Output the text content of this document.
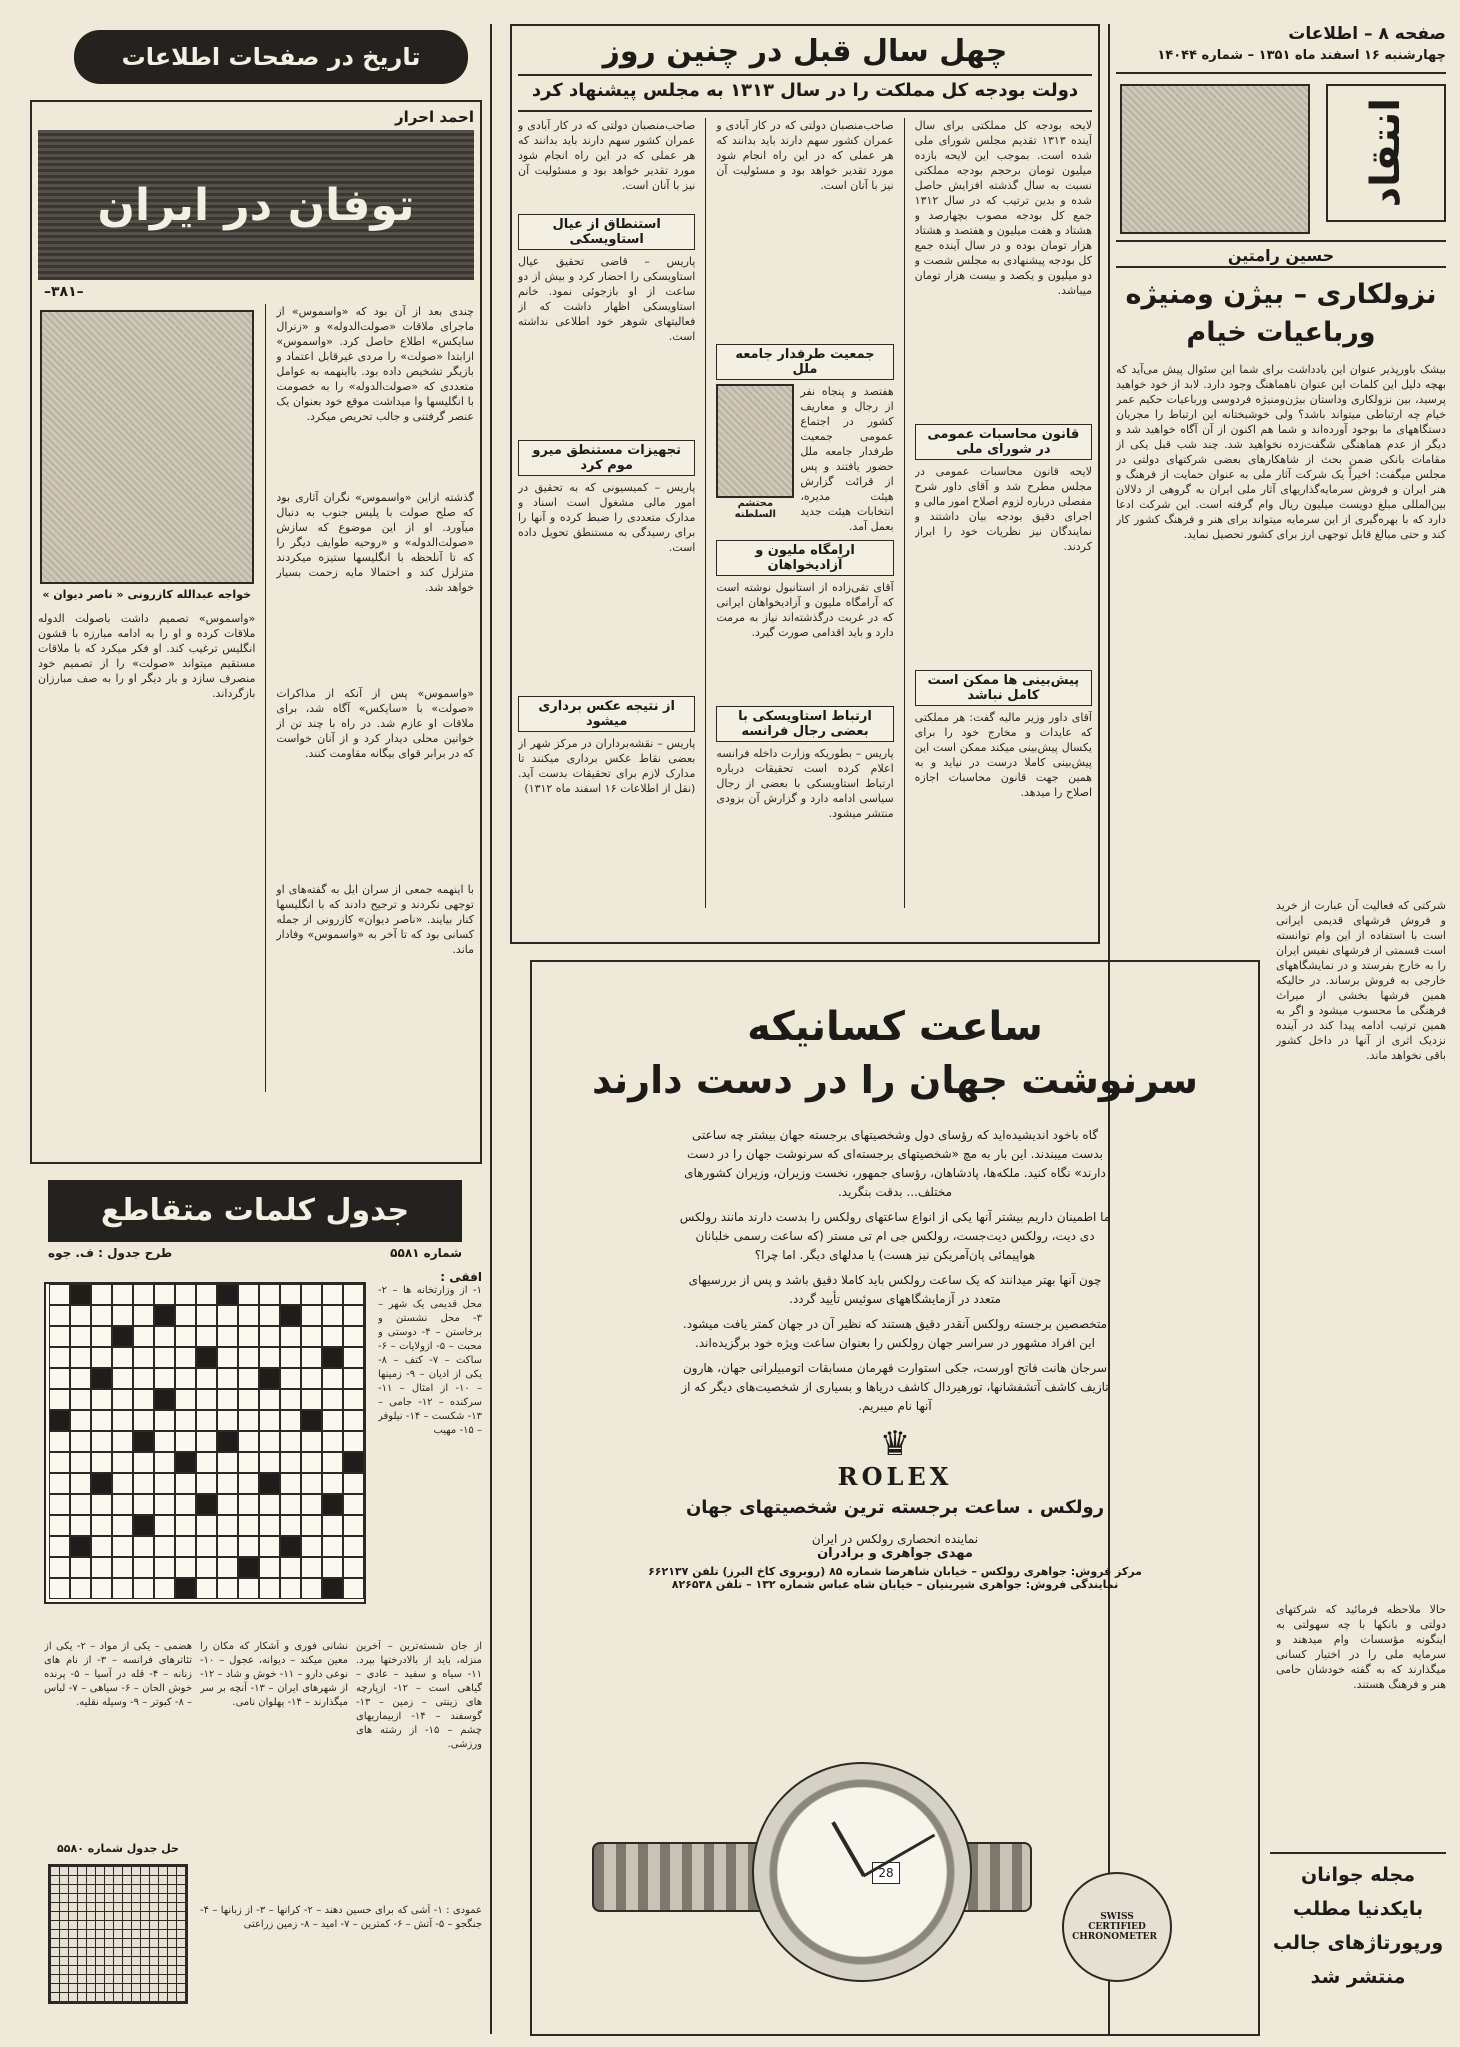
صفحه ۸ – اطلاعات
چهارشنبه ۱۶ اسفند ماه ۱۳۵۱ – شماره ۱۴۰۴۴
انتقاد
حسین رامتین
نزولکاری – بیژن ومنیژه ورباعیات خیام
بیشک باورپذیر عنوان این یادداشت برای شما این سئوال پیش می‌آید که بهچه دلیل این کلمات این عنوان ناهماهنگ وجود دارد. لابد از خود خواهید پرسید، بین نزولکاری وداستان بیژن‌ومنیژه فردوسی ورباعیات حکیم عمر خیام چه ارتباطی میتواند باشد؟ ولی خوشبختانه این ارتباط را مجریان دستگاههای ما بوجود آورده‌اند و شما هم اکنون از آن آگاه خواهید شد و دیگر از عدم هماهنگی شگفت‌زده نخواهید شد. چند شب قبل یکی از مقامات بانکی ضمن بحث از شاهکارهای بعضی شرکتهای دولتی در مجلس میگفت: اخیراً یک شرکت آثار ملی به عنوان حمایت از فرهنگ و هنر ایران و فروش سرمایه‌گذاریهای آثار ملی ایران به گروهی از دلالان بین‌المللی مبلغ دویست میلیون ریال وام گرفته است. این شرکت ادعا دارد که با بهره‌گیری از این سرمایه میتواند برای هنر و فرهنگ کشور کار کند و حتی مبالغ قابل توجهی ارز برای کشور تحصیل نماید.
شرکتی که فعالیت آن عبارت از خرید و فروش فرشهای قدیمی ایرانی است با استفاده از این وام توانسته است قسمتی از فرشهای نفیس ایران را به خارج بفرستد و در نمایشگاههای خارجی به فروش برساند. در حالیکه همین فرشها بخشی از میراث فرهنگی ما محسوب میشود و اگر به همین ترتیب ادامه پیدا کند در آینده نزدیک اثری از آنها در داخل کشور باقی نخواهد ماند.
حالا ملاحظه فرمائید که شرکتهای دولتی و بانکها با چه سهولتی به اینگونه مؤسسات وام میدهند و سرمایه ملی را در اختیار کسانی میگذارند که به گفته خودشان حامی هنر و فرهنگ هستند.
مجله جوانان
بایکدنیا مطلب
ورپورتاژهای جالب
منتشر شد
چهل سال قبل در چنین روز
دولت بودجه کل مملکت را در سال ۱۳۱۳ به مجلس پیشنهاد کرد
لایحه بودجه کل مملکتی برای سال آینده ۱۳۱۳ تقدیم مجلس شورای ملی شده است. بموجب این لایحه بازده میلیون تومان برحجم بودجه مملکتی نسبت به سال گذشته افزایش حاصل شده و بدین ترتیب که در سال ۱۳۱۲ جمع کل بودجه مصوب بچهارصد و هشتاد و هفت میلیون و هفتصد و هشتاد هزار تومان بوده و در سال آینده جمع کل بودجه پیشنهادی به مجلس شصت و دو میلیون و یکصد و بیست هزار تومان میباشد.
قانون محاسبات عمومی در شورای ملی
لایحه قانون محاسبات عمومی در مجلس مطرح شد و آقای داور شرح مفصلی درباره لزوم اصلاح امور مالی و اجرای دقیق بودجه بیان داشتند و نمایندگان نیز نظریات خود را ابراز کردند.
پیش‌بینی ها ممکن است کامل نباشد
آقای داور وزیر مالیه گفت: هر مملکتی که عایدات و مخارج خود را برای یکسال پیش‌بینی میکند ممکن است این پیش‌بینی کاملا درست در نیاید و به همین جهت قانون محاسبات اجازه اصلاح را میدهد.
صاحب‌منصبان دولتی که در کار آبادی و عمران کشور سهم دارند باید بدانند که هر عملی که در این راه انجام شود مورد تقدیر خواهد بود و مسئولیت آن نیز با آنان است.
جمعیت طرفدار جامعه ملل
هفتصد و پنجاه نفر از رجال و معاریف کشور در اجتماع عمومی جمعیت طرفدار جامعه ملل حضور یافتند و پس از قرائت گزارش هیئت مدیره، انتخابات هیئت جدید بعمل آمد.
محتشم السلطنه
ارامگاه ملیون و آزادیخواهان
آقای تقی‌زاده از استانبول نوشته است که آرامگاه ملیون و آزادیخواهان ایرانی که در غربت درگذشته‌اند نیاز به مرمت دارد و باید اقدامی صورت گیرد.
ارتباط استاویسکی با بعضی رجال فرانسه
پاریس – بطوریکه وزارت داخله فرانسه اعلام کرده است تحقیقات درباره ارتباط استاویسکی با بعضی از رجال سیاسی ادامه دارد و گزارش آن بزودی منتشر میشود.
صاحب‌منصبان دولتی که در کار آبادی و عمران کشور سهم دارند باید بدانند که هر عملی که در این راه انجام شود مورد تقدیر خواهد بود و مسئولیت آن نیز با آنان است.
استنطاق از عیال استاویسکی
پاریس – قاضی تحقیق عیال استاویسکی را احضار کرد و بیش از دو ساعت از او بازجوئی نمود. خانم استاویسکی اظهار داشت که از فعالیتهای شوهر خود اطلاعی نداشته است.
تجهیزات مستنطق میرو موم کرد
پاریس – کمیسیونی که به تحقیق در امور مالی مشغول است اسناد و مدارک متعددی را ضبط کرده و آنها را برای رسیدگی به مستنطق تحویل داده است.
از نتیجه عکس برداری میشود
پاریس – نقشه‌برداران در مرکز شهر از بعضی نقاط عکس برداری میکنند تا مدارک لازم برای تحقیقات بدست آید. (نقل از اطلاعات ۱۶ اسفند ماه ۱۳۱۲)
ساعت کسانیکه
سرنوشت جهان را در دست دارند
گاه باخود اندیشیده‌اید که رؤسای دول وشخصیتهای برجسته جهان بیشتر چه ساعتی بدست میبندند. این بار به مچ «شخصیتهای برجسته‌ای که سرنوشت جهان را در دست دارند» نگاه کنید. ملکه‌ها، پادشاهان، رؤسای جمهور، نخست وزیران، وزیران کشورهای مختلف... بدقت بنگرید.
ما اطمینان داریم بیشتر آنها یکی از انواع ساعتهای رولکس را بدست دارند مانند رولکس دی دیت، رولکس دیت‌جست، رولکس جی ام تی مستر (که ساعت رسمی خلبانان هواپیمائی پان‌آمریکن نیز هست) یا مدلهای دیگر. اما چرا؟
چون آنها بهتر میدانند که یک ساعت رولکس باید کاملا دقیق باشد و پس از بررسیهای متعدد در آزمایشگاههای سوئیس تأیید گردد.
متخصصین برجسته رولکس آنقدر دقیق هستند که نظیر آن در جهان کمتر یافت میشود. این افراد مشهور در سراسر جهان رولکس را بعنوان ساعت ویژه خود برگزیده‌اند.
سرجان هانت فاتح اورست، جکی استوارت قهرمان مسابقات اتومبیلرانی جهان، هارون تازیف کاشف آتشفشانها، تورهیردال کاشف دریاها و بسیاری از شخصیت‌های دیگر که از آنها نام میبریم.
♛
ROLEX
رولکس . ساعت برجسته ترین شخصیتهای جهان
نماینده انحصاری رولکس در ایران
مهدی جواهری و برادران
مرکز فروش: جواهری رولکس – خیابان شاهرضا شماره ۸۵ (روبروی کاخ البرز) تلفن ۶۶۲۱۳۷
نمایندگی فروش: جواهری شیرینیان – خیابان شاه عباس شماره ۱۳۲ – تلفن ۸۲۶۵۳۸
28
SWISS CERTIFIED CHRONOMETER
تاریخ در صفحات اطلاعات
احمد احرار
توفان در ایران
–۳۸۱–
چندی بعد از آن بود که «واسموس» از ماجرای ملاقات «صولت‌الدوله» و «زنرال سایکس» اطلاع حاصل کرد. «واسموس» ازابتدا «صولت» را مردی غیرقابل اعتماد و بازیگر تشخیص داده بود. بااینهمه به عوامل متعددی که «صولت‌الدوله» را به خصومت با انگلیسها وا میداشت موقع خود بعنوان یک عنصر گرفتنی و جالب تحریص میکرد.
گذشته ازاین «واسموس» نگران آثاری بود که صلح صولت با پلیس جنوب به دنبال میآورد. او از این موضوع که سازش «صولت‌الدوله» و «روحیه طوایف دیگر را که تا آنلحظه با انگلیسها ستیزه میکردند متزلزل کند و احتمالا مایه زحمت بسیار خواهد شد.
«واسموس» پس از آنکه از مذاکرات «صولت» با «سایکس» آگاه شد، برای ملاقات او عازم شد. در راه با چند تن از خوانین محلی دیدار کرد و از آنان خواست که در برابر قوای بیگانه مقاومت کنند.
با اینهمه جمعی از سران ایل به گفته‌های او توجهی نکردند و ترجیح دادند که با انگلیسها کنار بیایند. «ناصر دیوان» کازرونی از جمله کسانی بود که تا آخر به «واسموس» وفادار ماند.
خواجه عبدالله کازرونی « ناصر دیوان »
«واسموس» تصمیم داشت باصولت الدوله ملاقات کرده و او را به ادامه مبارزه با قشون انگلیس ترغیب کند. او فکر میکرد که با ملاقات مستقیم میتواند «صولت» را از تصمیم خود منصرف سازد و بار دیگر او را به صف مبارزان بازگرداند.
جدول کلمات متقاطع
شماره ۵۵۸۱
طرح جدول : ف. جوه
افقی :
۱- از وزارتخانه ها – ۲- محل قدیمی یک شهر – ۳- محل نشستن و برخاستن – ۴- دوستی و محبت – ۵- ازولایات – ۶- ساکت – ۷- کتف – ۸- یکی از ادیان – ۹- زمینها – ۱۰- از امثال – ۱۱- سرکنده – ۱۲- جامی – ۱۳- شکست – ۱۴- نیلوفر – ۱۵- مهیب
از جان شسته‌ترین – آخرین منزله، باید از بالادرختها بپرد. ۱۱- سیاه و سفید – عادی – گیاهی است – ۱۲- ازپارچه های زینتی – زمین – ۱۳- گوسفند – ۱۴- ازبیماریهای چشم – ۱۵- از رشته های ورزشی.
نشانی فوری و آشکار که مکان را معین میکند – دیوانه، عجول – ۱۰- نوعی دارو – ۱۱- خوش و شاد – ۱۲- از شهرهای ایران – ۱۳- آنچه بر سر میگذارند – ۱۴- پهلوان نامی.
هضمی – یکی از مواد – ۲- یکی از تئاترهای فرانسه – ۳- از نام های زنانه – ۴- قله در آسیا – ۵- پرنده خوش الحان – ۶- سیاهی – ۷- لباس – ۸- کبوتر – ۹- وسیله نقلیه.
حل جدول شماره ۵۵۸۰
عمودی : ۱- آشی که برای حسین دهند – ۲- کرانها – ۳- از زبانها – ۴- جنگجو – ۵- آتش – ۶- کمترین – ۷- امید – ۸- زمین زراعتی
